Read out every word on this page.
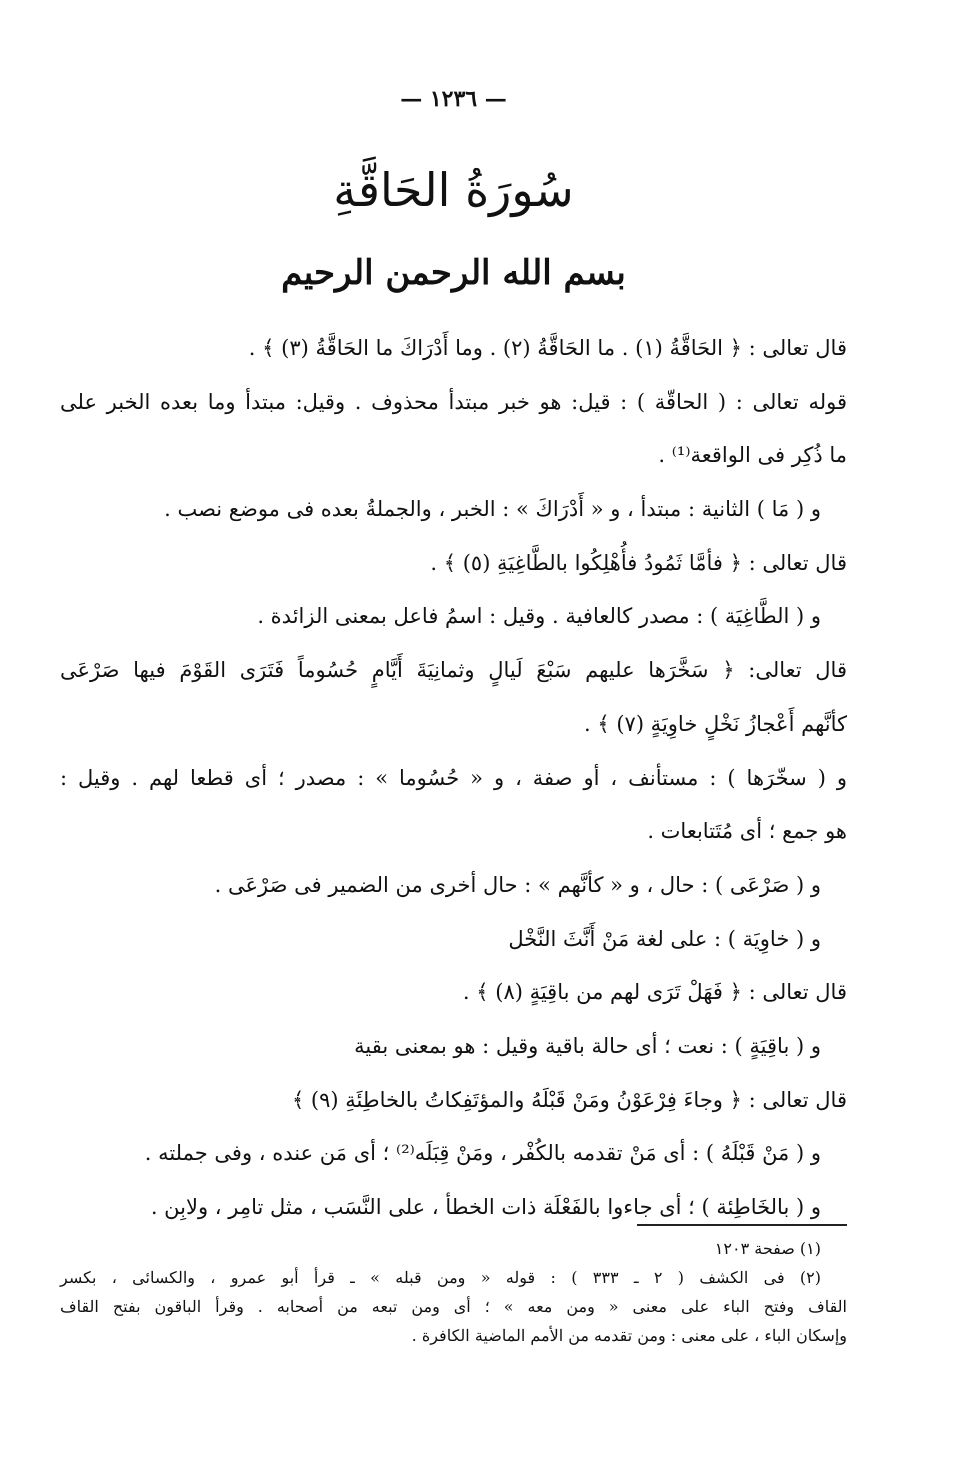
— ١٢٣٦ —
سُورَةُ الحَاقَّةِ
بسم الله الرحمن الرحيم
قال تعالى : ﴿ الحَاقَّةُ (١) . ما الحَاقَّةُ (٢) . وما أَدْرَاكَ ما الحَاقَّةُ (٣) ﴾ .
قوله تعالى : ( الحاقّة ) : قيل: هو خبر مبتدأ محذوف . وقيل: مبتدأ وما بعده الخبر على
ما ذُكِر فى الواقعة⁽¹⁾ .
و ( مَا ) الثانية : مبتدأ ، و « أَدْرَاكَ » : الخبر ، والجملةُ بعده فى موضع نصب .
قال تعالى : ﴿ فأمَّا ثَمُودُ فأُهْلِكُوا بالطَّاغِيَةِ (٥) ﴾ .
و ( الطَّاغِيَة ) : مصدر كالعافية . وقيل : اسمُ فاعل بمعنى الزائدة .
قال تعالى: ﴿ سَخَّرَها عليهم سَبْعَ لَيالٍ وثمانِيَةَ أَيَّامٍ حُسُوماً فَتَرَى القَوْمَ فيها صَرْعَى
كأنَّهم أَعْجازُ نَخْلٍ خاوِيَةٍ (٧) ﴾ .
و ( سخّرَها ) : مستأنف ، أو صفة ، و « حُسُوما » : مصدر ؛ أى قطعا لهم . وقيل :
هو جمع ؛ أى مُتَتابعات .
و ( صَرْعَى ) : حال ، و « كأنَّهم » : حال أخرى من الضمير فى صَرْعَى .
و ( خاوِيَة ) : على لغة مَنْ أَنَّثَ النَّخْل
قال تعالى : ﴿ فَهَلْ تَرَى لهم من باقِيَةٍ (٨) ﴾ .
و ( باقِيَةٍ ) : نعت ؛ أى حالة باقية وقيل : هو بمعنى بقية
قال تعالى : ﴿ وجاءَ فِرْعَوْنُ ومَنْ قَبْلَهُ والمؤتَفِكاتُ بالخاطِئَةِ (٩) ﴾
و ( مَنْ قَبْلَهُ ) : أى مَنْ تقدمه بالكُفْر ، ومَنْ قِبَلَه⁽²⁾ ؛ أى مَن عنده ، وفى جملته .
و ( بالخَاطِئة ) ؛ أى جاءوا بالفَعْلَة ذات الخطأ ، على النَّسَب ، مثل تامِر ، ولابِن .
(١) صفحة ١٢٠٣
(٢) فى الكشف ( ٢ ـ ٣٣٣ ) : قوله « ومن قبله » ـ قرأ أبو عمرو ، والكسائى ، بكسر
القاف وفتح الباء على معنى « ومن معه » ؛ أى ومن تبعه من أصحابه . وقرأ الباقون بفتح القاف
وإسكان الباء ، على معنى : ومن تقدمه من الأمم الماضية الكافرة .
